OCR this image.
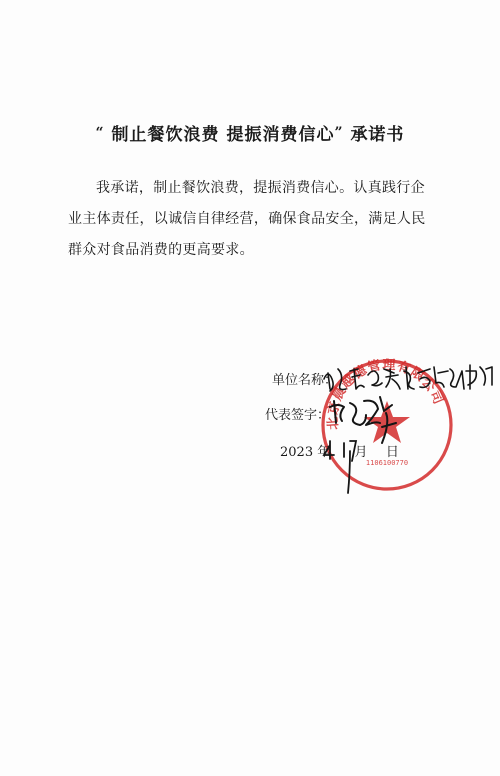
“ 制止餐饮浪费 提振消费信心” 承诺书

我承诺，制止餐饮浪费，提振消费信心。认真践行企业主体责任，以诚信自律经营，确保食品安全，满足人民群众对食品消费的更高要求。

北京晨越德管理有限公司
1106100770
单位名称：
代表签字：
2023 年 月 日
